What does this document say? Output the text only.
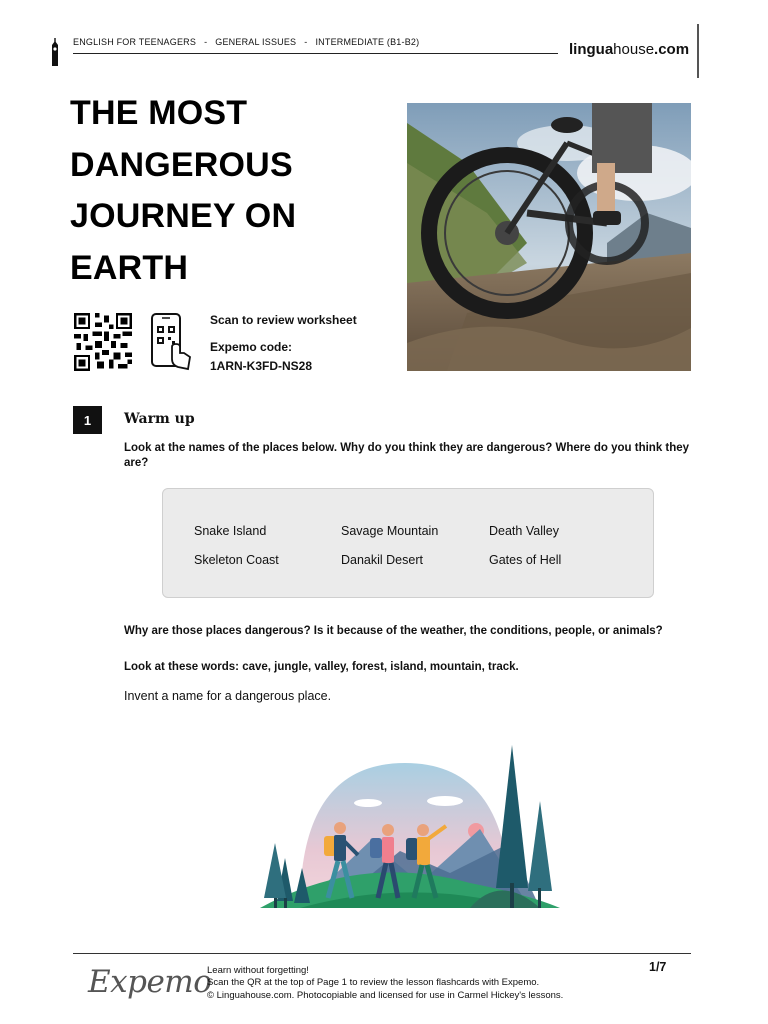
ENGLISH FOR TEENAGERS - GENERAL ISSUES - INTERMEDIATE (B1-B2)	linguahouse.com
THE MOST
DANGEROUS
JOURNEY ON
EARTH
Scan to review worksheet
Expemo code:
1ARN-K3FD-NS28
1	Warm up
Look at the names of the places below. Why do you think they are dangerous? Where do you think they are?
Snake Island	Savage Mountain	Death Valley
Skeleton Coast	Danakil Desert	Gates of Hell
Why are those places dangerous? Is it because of the weather, the conditions, people, or animals?
Look at these words: cave, jungle, valley, forest, island, mountain, track.
Invent a name for a dangerous place.
Expemo
Learn without forgetting!
Scan the QR at the top of Page 1 to review the lesson flashcards with Expemo.
© Linguahouse.com. Photocopiable and licensed for use in Carmel Hickey's lessons.
1/7
